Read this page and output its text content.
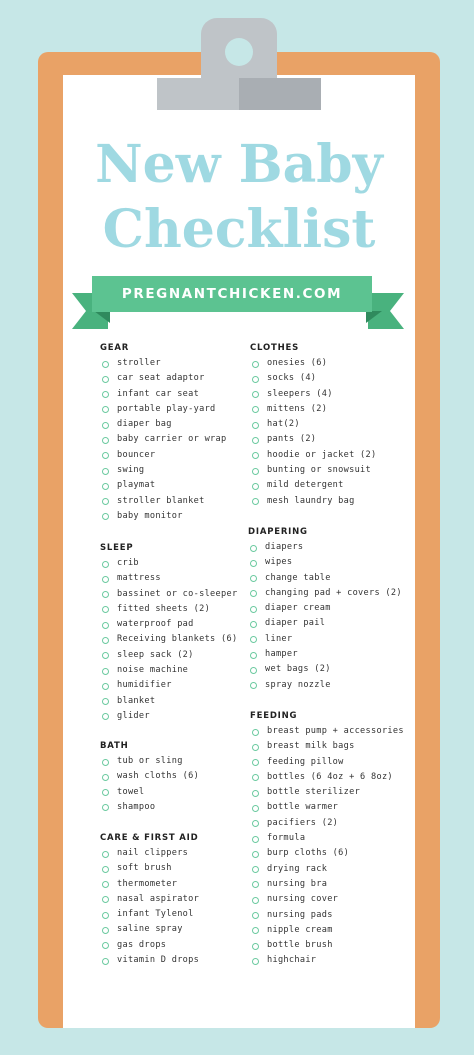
New Baby
Checklist
PREGNANTCHICKEN.COM
GEAR
stroller
car seat adaptor
infant car seat
portable play-yard
diaper bag
baby carrier or wrap
bouncer
swing
playmat
stroller blanket
baby monitor
SLEEP
crib
mattress
bassinet or co-sleeper
fitted sheets (2)
waterproof pad
Receiving blankets (6)
sleep sack (2)
noise machine
humidifier
blanket
glider
BATH
tub or sling
wash cloths (6)
towel
shampoo
CARE & FIRST AID
nail clippers
soft brush
thermometer
nasal aspirator
infant Tylenol
saline spray
gas drops
vitamin D drops
CLOTHES
onesies (6)
socks (4)
sleepers (4)
mittens (2)
hat(2)
pants (2)
hoodie or jacket (2)
bunting or snowsuit
mild detergent
mesh laundry bag
DIAPERING
diapers
wipes
change table
changing pad + covers (2)
diaper cream
diaper pail
liner
hamper
wet bags (2)
spray nozzle
FEEDING
breast pump + accessories
breast milk bags
feeding pillow
bottles (6 4oz + 6 8oz)
bottle sterilizer
bottle warmer
pacifiers (2)
formula
burp cloths (6)
drying rack
nursing bra
nursing cover
nursing pads
nipple cream
bottle brush
highchair
